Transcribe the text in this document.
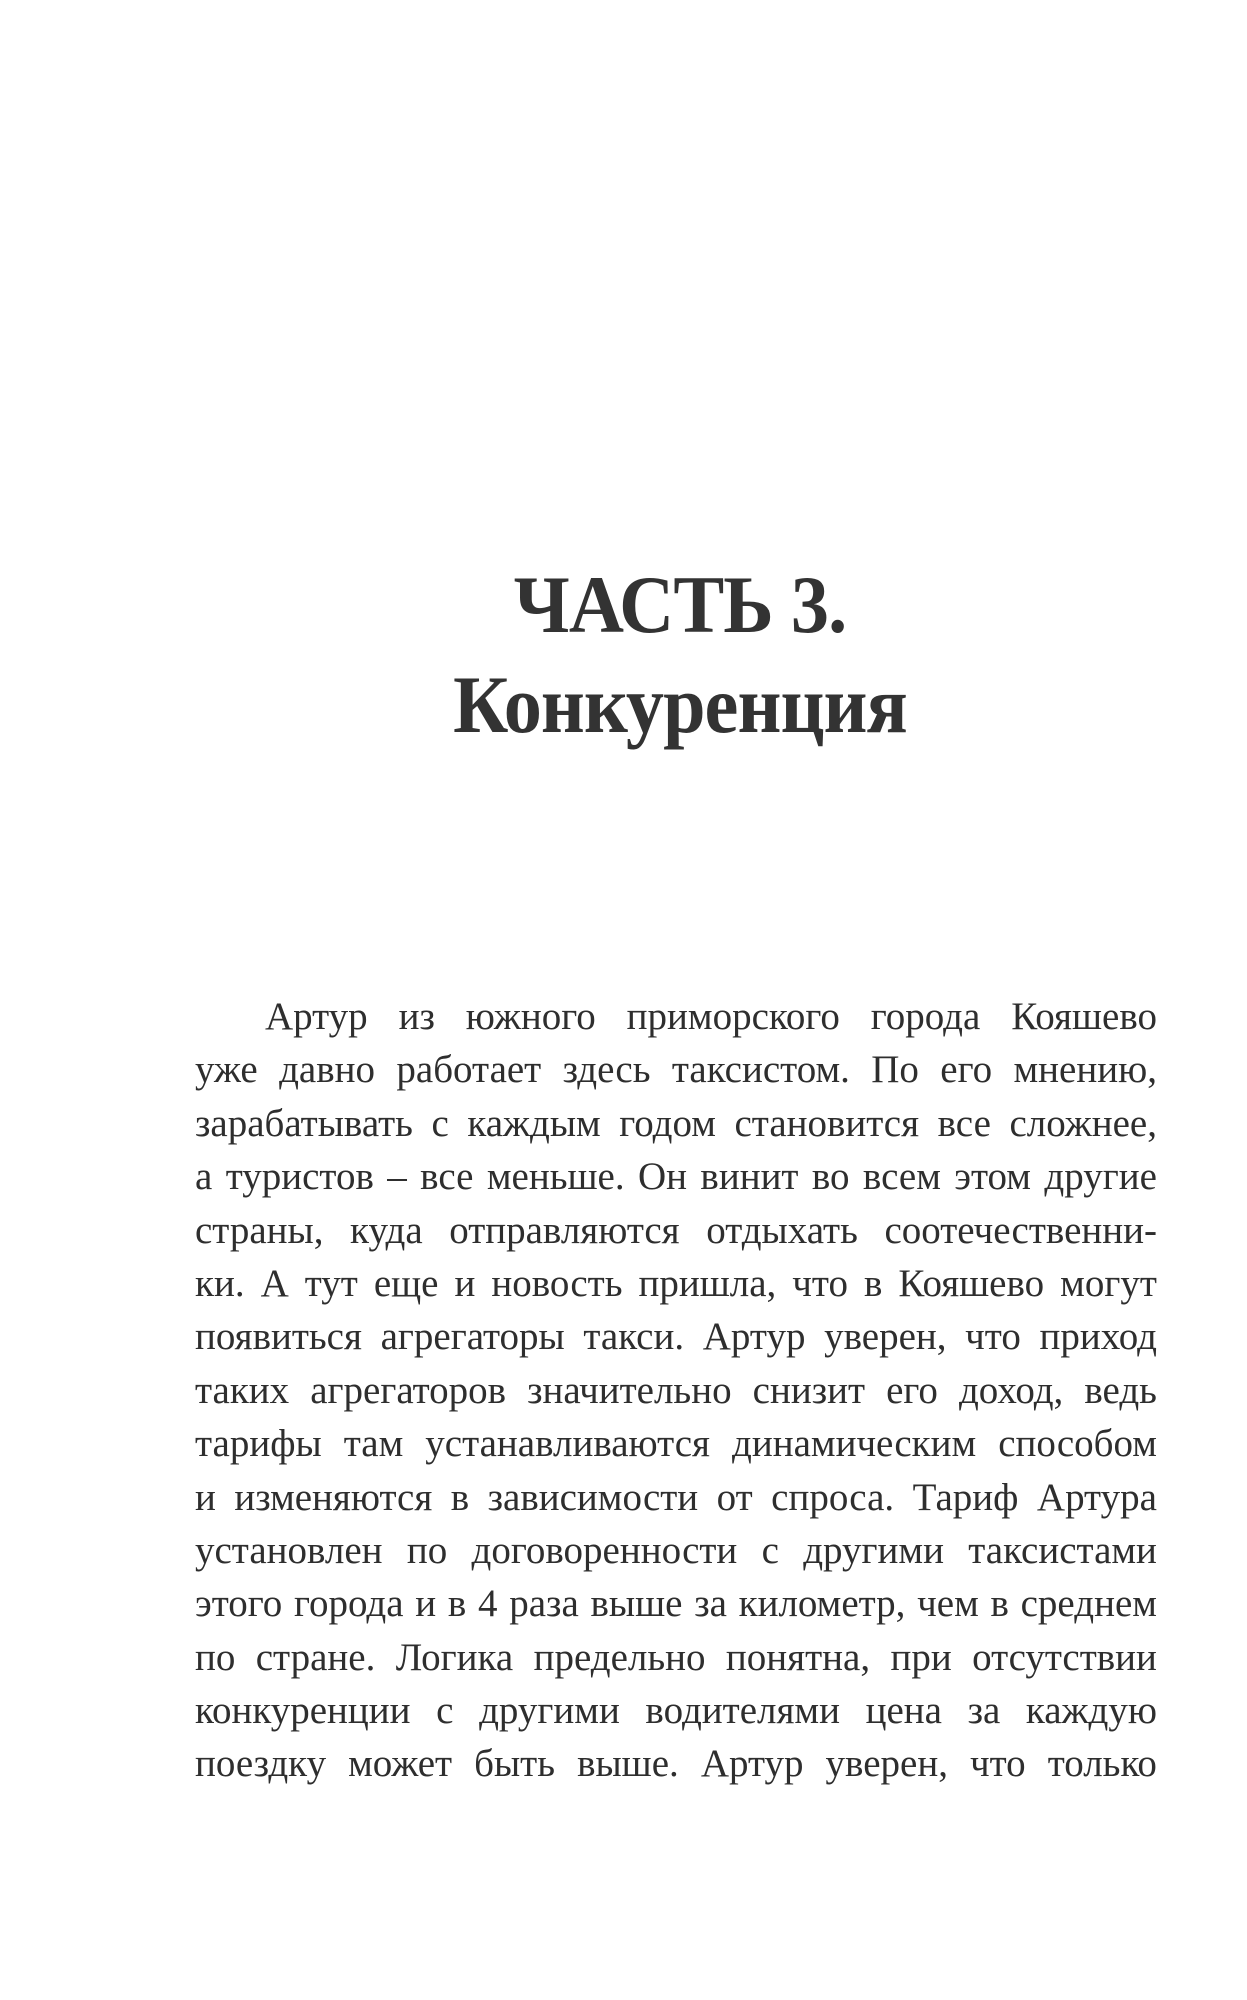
ЧАСТЬ 3.
Конкуренция
Артур из южного приморского города Кояшево
уже давно работает здесь таксистом. По его мнению,
зарабатывать с каждым годом становится все сложнее,
а туристов – все меньше. Он винит во всем этом другие
страны, куда отправляются отдыхать соотечественни-
ки. А тут еще и новость пришла, что в Кояшево могут
появиться агрегаторы такси. Артур уверен, что приход
таких агрегаторов значительно снизит его доход, ведь
тарифы там устанавливаются динамическим способом
и изменяются в зависимости от спроса. Тариф Артура
установлен по договоренности с другими таксистами
этого города и в 4 раза выше за километр, чем в среднем
по стране. Логика предельно понятна, при отсутствии
конкуренции с другими водителями цена за каждую
поездку может быть выше. Артур уверен, что только
